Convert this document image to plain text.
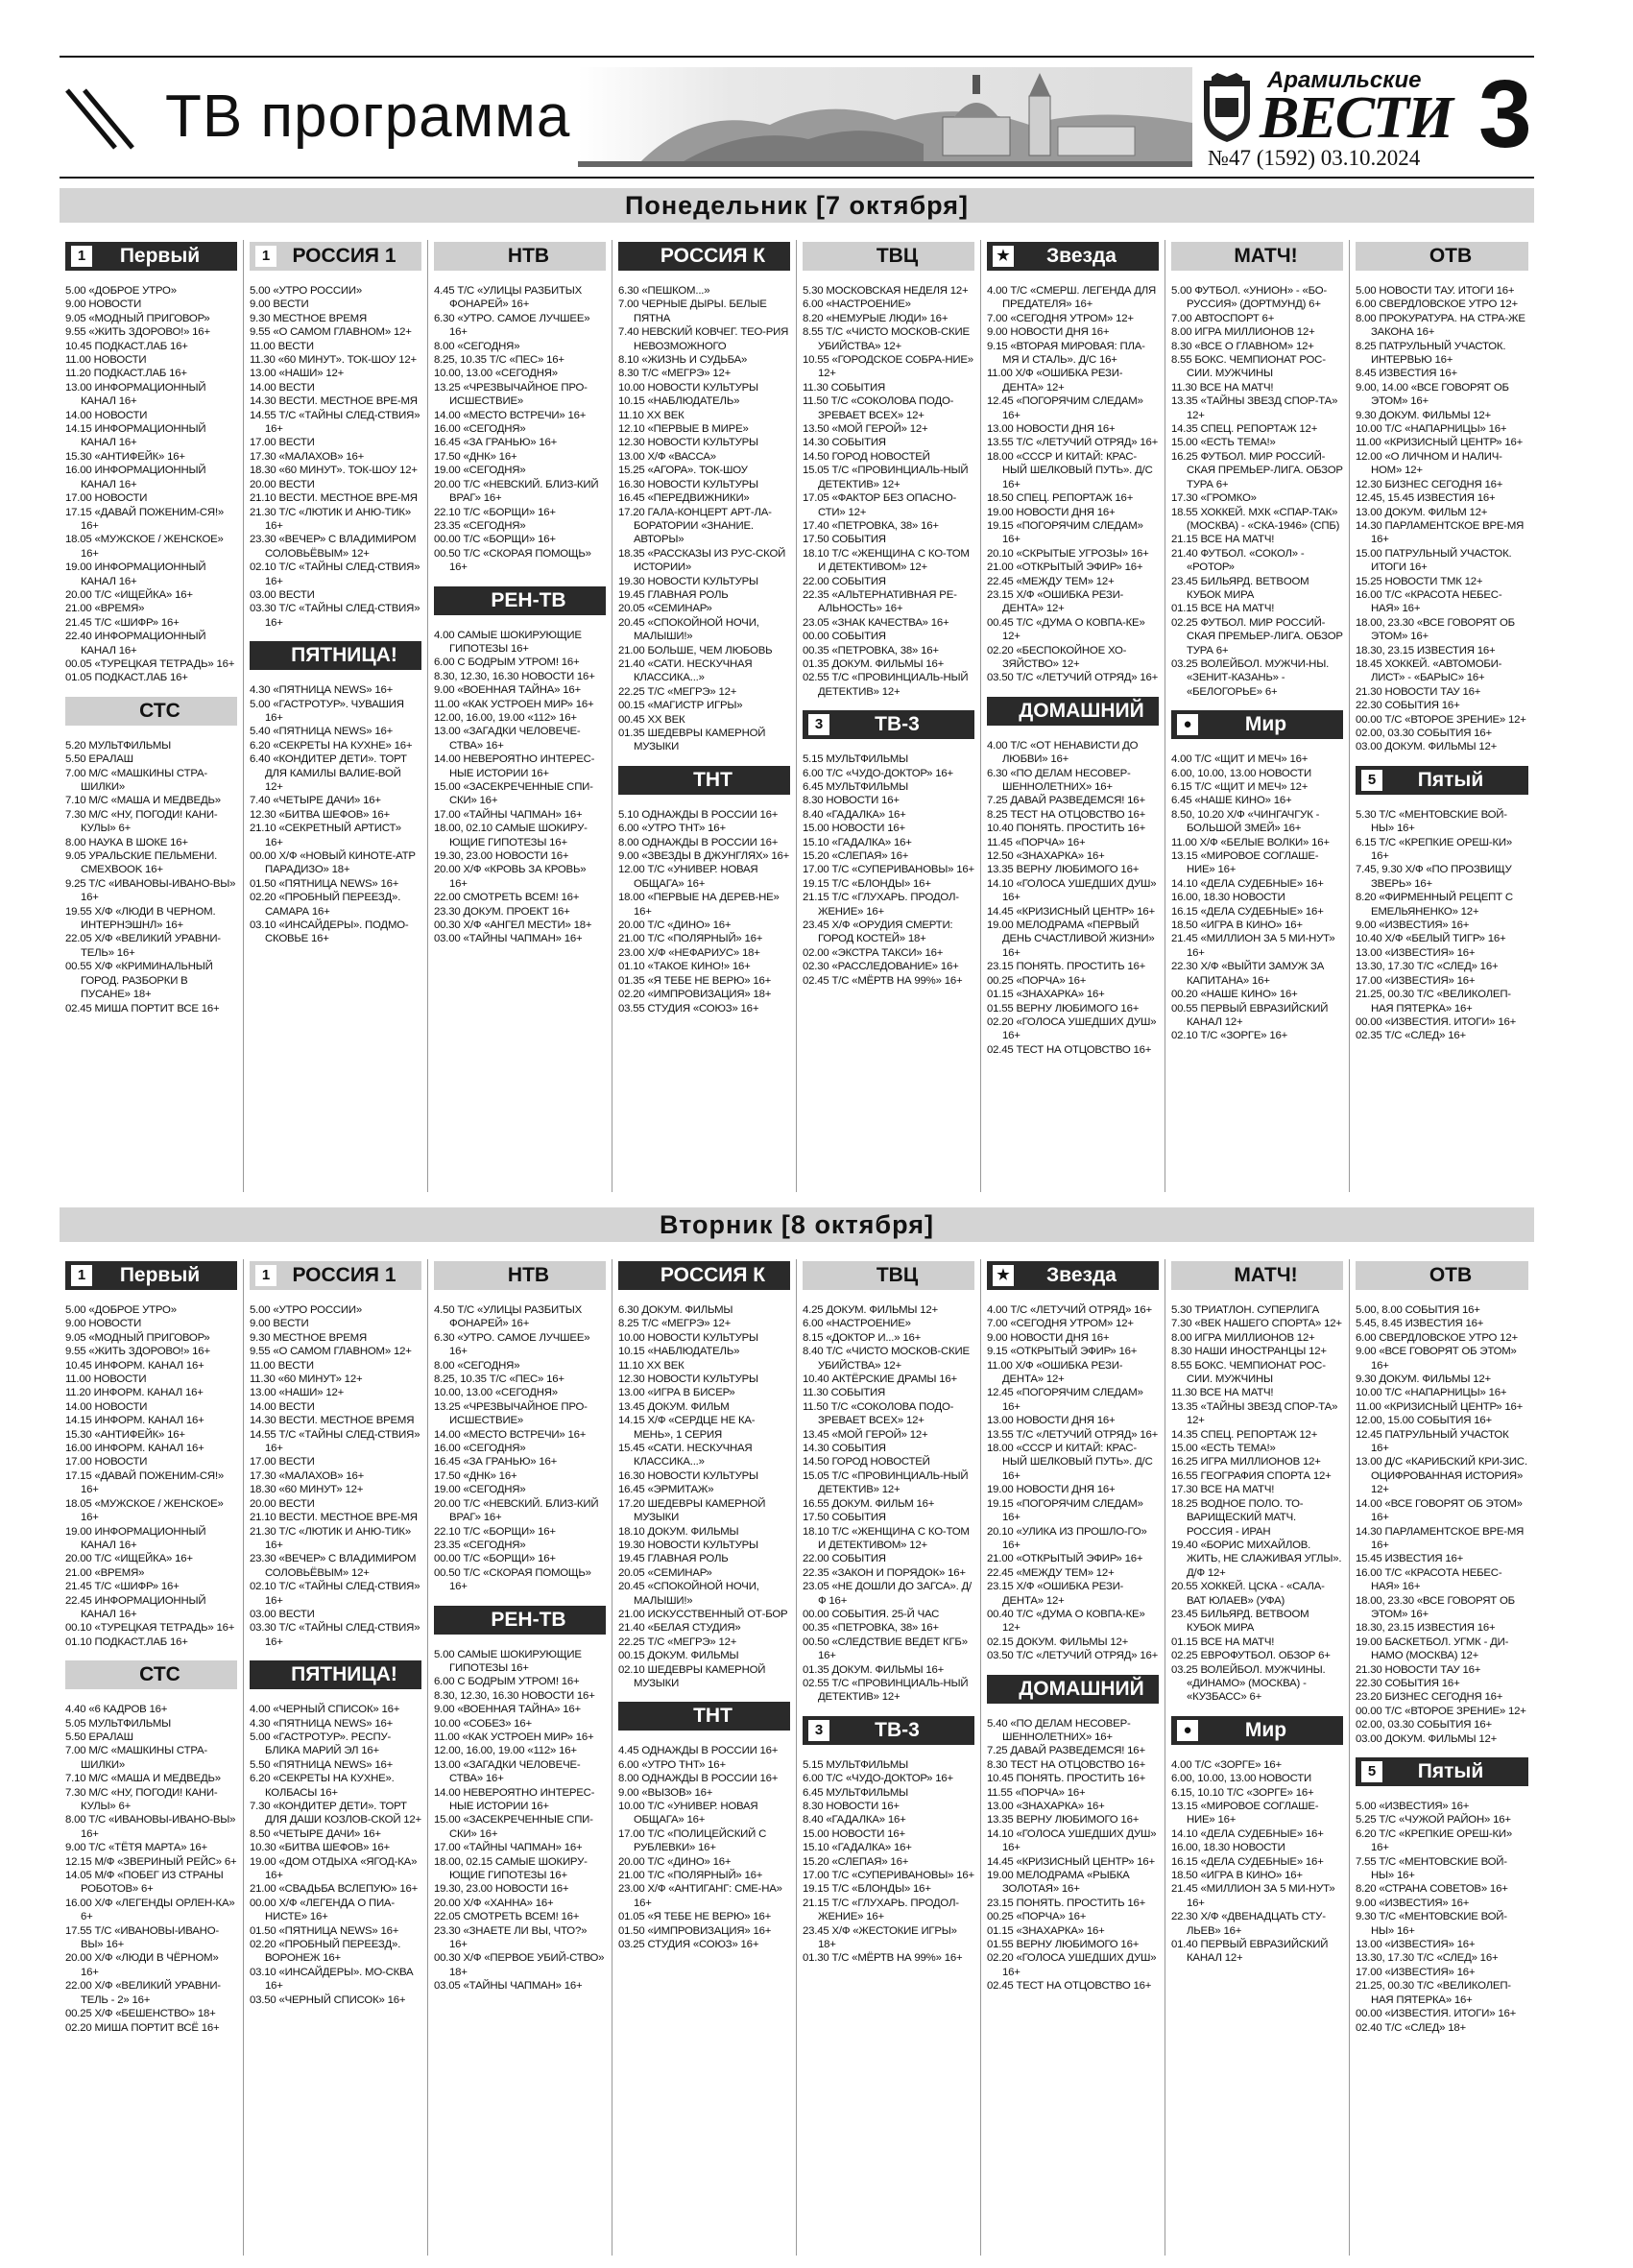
ТВ программа
Арамильские
ВЕСТИ
№47 (1592) 03.10.2024 3
Понедельник [7 октября]
1	Первый
5.00 «ДОБРОЕ УТРО»
9.00 НОВОСТИ
9.05 «МОДНЫЙ ПРИГОВОР»
9.55 «ЖИТЬ ЗДОРОВО!» 16+
10.45 ПОДКАСТ.ЛАБ 16+
11.00 НОВОСТИ
11.20 ПОДКАСТ.ЛАБ 16+
13.00 ИНФОРМАЦИОННЫЙ КАНАЛ 16+
14.00 НОВОСТИ
14.15 ИНФОРМАЦИОННЫЙ КАНАЛ 16+
15.30 «АНТИФЕЙК» 16+
16.00 ИНФОРМАЦИОННЫЙ КАНАЛ 16+
17.00 НОВОСТИ
17.15 «ДАВАЙ ПОЖЕНИМ-СЯ!» 16+
18.05 «МУЖСКОЕ / ЖЕНСКОЕ» 16+
19.00 ИНФОРМАЦИОННЫЙ КАНАЛ 16+
20.00 Т/С «ИЩЕЙКА» 16+
21.00 «ВРЕМЯ»
21.45 Т/С «ШИФР» 16+
22.40 ИНФОРМАЦИОННЫЙ КАНАЛ 16+
00.05 «ТУРЕЦКАЯ ТЕТРАДЬ» 16+
01.05 ПОДКАСТ.ЛАБ 16+
СТС
5.20 МУЛЬТФИЛЬМЫ
5.50 ЕРАЛАШ
7.00 М/С «МАШКИНЫ СТРА-ШИЛКИ»
7.10 М/С «МАША И МЕДВЕДЬ»
7.30 М/С «НУ, ПОГОДИ! КАНИ-КУЛЫ» 6+
8.00 НАУКА В ШОКЕ 16+
9.05 УРАЛЬСКИЕ ПЕЛЬМЕНИ. СМЕХBOOK 16+
9.25 Т/С «ИВАНОВЫ-ИВАНО-ВЫ» 16+
19.55 Х/Ф «ЛЮДИ В ЧЕРНОМ. ИНТЕРНЭШНЛ» 16+
22.05 Х/Ф «ВЕЛИКИЙ УРАВНИ-ТЕЛЬ» 16+
00.55 Х/Ф «КРИМИНАЛЬНЫЙ ГОРОД. РАЗБОРКИ В ПУСАНЕ» 18+
02.45 МИША ПОРТИТ ВСЕ 16+
1	РОССИЯ 1
5.00 «УТРО РОССИИ»
9.00 ВЕСТИ
9.30 МЕСТНОЕ ВРЕМЯ
9.55 «О САМОМ ГЛАВНОМ» 12+
11.00 ВЕСТИ
11.30 «60 МИНУТ». ТОК-ШОУ 12+
13.00 «НАШИ» 12+
14.00 ВЕСТИ
14.30 ВЕСТИ. МЕСТНОЕ ВРЕ-МЯ
14.55 Т/С «ТАЙНЫ СЛЕД-СТВИЯ» 16+
17.00 ВЕСТИ
17.30 «МАЛАХОВ» 16+
18.30 «60 МИНУТ». ТОК-ШОУ 12+
20.00 ВЕСТИ
21.10 ВЕСТИ. МЕСТНОЕ ВРЕ-МЯ
21.30 Т/С «ЛЮТИК И АНЮ-ТИК» 16+
23.30 «ВЕЧЕР» С ВЛАДИМИРОМ СОЛОВЬЁВЫМ» 12+
02.10 Т/С «ТАЙНЫ СЛЕД-СТВИЯ» 16+
03.00 ВЕСТИ
03.30 Т/С «ТАЙНЫ СЛЕД-СТВИЯ» 16+
ПЯТНИЦА!
4.30 «ПЯТНИЦА NEWS» 16+
5.00 «ГАСТРОТУР». ЧУВАШИЯ 16+
5.40 «ПЯТНИЦА NEWS» 16+
6.20 «СЕКРЕТЫ НА КУХНЕ» 16+
6.40 «КОНДИТЕР ДЕТИ». ТОРТ ДЛЯ КАМИЛЫ ВАЛИЕ-ВОЙ 12+
7.40 «ЧЕТЫРЕ ДАЧИ» 16+
12.30 «БИТВА ШЕФОВ» 16+
21.10 «СЕКРЕТНЫЙ АРТИСТ» 16+
00.00 Х/Ф «НОВЫЙ КИНОТЕ-АТР ПАРАДИЗО» 18+
01.50 «ПЯТНИЦА NEWS» 16+
02.20 «ПРОБНЫЙ ПЕРЕЕЗД». САМАРА 16+
03.10 «ИНСАЙДЕРЫ». ПОДМО-СКОВЬЕ 16+
НТВ
4.45 Т/С «УЛИЦЫ РАЗБИТЫХ ФОНАРЕЙ» 16+
6.30 «УТРО. САМОЕ ЛУЧШЕЕ» 16+
8.00 «СЕГОДНЯ»
8.25, 10.35 Т/С «ПЕС» 16+
10.00, 13.00 «СЕГОДНЯ»
13.25 «ЧРЕЗВЫЧАЙНОЕ ПРО-ИСШЕСТВИЕ»
14.00 «МЕСТО ВСТРЕЧИ» 16+
16.00 «СЕГОДНЯ»
16.45 «ЗА ГРАНЬЮ» 16+
17.50 «ДНК» 16+
19.00 «СЕГОДНЯ»
20.00 Т/С «НЕВСКИЙ. БЛИЗ-КИЙ ВРАГ» 16+
22.10 Т/С «БОРЩИ» 16+
23.35 «СЕГОДНЯ»
00.00 Т/С «БОРЩИ» 16+
00.50 Т/С «СКОРАЯ ПОМОЩЬ» 16+
РЕН-ТВ
4.00 САМЫЕ ШОКИРУЮЩИЕ ГИПОТЕЗЫ 16+
6.00 С БОДРЫМ УТРОМ! 16+
8.30, 12.30, 16.30 НОВОСТИ 16+
9.00 «ВОЕННАЯ ТАЙНА» 16+
11.00 «КАК УСТРОЕН МИР» 16+
12.00, 16.00, 19.00 «112» 16+
13.00 «ЗАГАДКИ ЧЕЛОВЕЧЕ-СТВА» 16+
14.00 НЕВЕРОЯТНО ИНТЕРЕС-НЫЕ ИСТОРИИ 16+
15.00 «ЗАСЕКРЕЧЕННЫЕ СПИ-СКИ» 16+
17.00 «ТАЙНЫ ЧАПМАН» 16+
18.00, 02.10 САМЫЕ ШОКИРУ-ЮЩИЕ ГИПОТЕЗЫ 16+
19.30, 23.00 НОВОСТИ 16+
20.00 Х/Ф «КРОВЬ ЗА КРОВЬ» 16+
22.00 СМОТРЕТЬ ВСЕМ! 16+
23.30 ДОКУМ. ПРОЕКТ 16+
00.30 Х/Ф «АНГЕЛ МЕСТИ» 18+
03.00 «ТАЙНЫ ЧАПМАН» 16+
РОССИЯ К
6.30 «ПЕШКОМ...»
7.00 ЧЕРНЫЕ ДЫРЫ. БЕЛЫЕ ПЯТНА
7.40 НЕВСКИЙ КОВЧЕГ. ТЕО-РИЯ НЕВОЗМОЖНОГО
8.10 «ЖИЗНЬ И СУДЬБА»
8.30 Т/С «МЕГРЭ» 12+
10.00 НОВОСТИ КУЛЬТУРЫ
10.15 «НАБЛЮДАТЕЛЬ»
11.10 ХХ ВЕК
12.10 «ПЕРВЫЕ В МИРЕ»
12.30 НОВОСТИ КУЛЬТУРЫ
13.00 Х/Ф «ВАССА»
15.25 «АГОРА». ТОК-ШОУ
16.30 НОВОСТИ КУЛЬТУРЫ
16.45 «ПЕРЕДВИЖНИКИ»
17.20 ГАЛА-КОНЦЕРТ АРТ-ЛА-БОРАТОРИИ «ЗНАНИЕ. АВТОРЫ»
18.35 «РАССКАЗЫ ИЗ РУС-СКОЙ ИСТОРИИ»
19.30 НОВОСТИ КУЛЬТУРЫ
19.45 ГЛАВНАЯ РОЛЬ
20.05 «СЕМИНАР»
20.45 «СПОКОЙНОЙ НОЧИ, МАЛЫШИ!»
21.00 БОЛЬШЕ, ЧЕМ ЛЮБОВЬ
21.40 «САТИ. НЕСКУЧНАЯ КЛАССИКА...»
22.25 Т/С «МЕГРЭ» 12+
00.15 «МАГИСТР ИГРЫ»
00.45 ХХ ВЕК
01.35 ШЕДЕВРЫ КАМЕРНОЙ МУЗЫКИ
ТНТ
5.10 ОДНАЖДЫ В РОССИИ 16+
6.00 «УТРО ТНТ» 16+
8.00 ОДНАЖДЫ В РОССИИ 16+
9.00 «ЗВЕЗДЫ В ДЖУНГЛЯХ» 16+
12.00 Т/С «УНИВЕР. НОВАЯ ОБЩАГА» 16+
18.00 «ПЕРВЫЕ НА ДЕРЕВ-НЕ» 16+
20.00 Т/С «ДИНО» 16+
21.00 Т/С «ПОЛЯРНЫЙ» 16+
23.00 Х/Ф «НЕФАРИУС» 18+
01.10 «ТАКОЕ КИНО!» 16+
01.35 «Я ТЕБЕ НЕ ВЕРЮ» 16+
02.20 «ИМПРОВИЗАЦИЯ» 18+
03.55 СТУДИЯ «СОЮЗ» 16+
ТВЦ
5.30 МОСКОВСКАЯ НЕДЕЛЯ 12+
6.00 «НАСТРОЕНИЕ»
8.20 «НЕМУРЫЕ ЛЮДИ» 16+
8.55 Т/С «ЧИСТО МОСКОВ-СКИЕ УБИЙСТВА» 12+
10.55 «ГОРОДСКОЕ СОБРА-НИЕ» 12+
11.30 СОБЫТИЯ
11.50 Т/С «СОКОЛОВА ПОДО-ЗРЕВАЕТ ВСЕХ» 12+
13.50 «МОЙ ГЕРОЙ» 12+
14.30 СОБЫТИЯ
14.50 ГОРОД НОВОСТЕЙ
15.05 Т/С «ПРОВИНЦИАЛЬ-НЫЙ ДЕТЕКТИВ» 12+
17.05 «ФАКТОР БЕЗ ОПАСНО-СТИ» 12+
17.40 «ПЕТРОВКА, 38» 16+
17.50 СОБЫТИЯ
18.10 Т/С «ЖЕНЩИНА С КО-ТОМ И ДЕТЕКТИВОМ» 12+
22.00 СОБЫТИЯ
22.35 «АЛЬТЕРНАТИВНАЯ РЕ-АЛЬНОСТЬ» 16+
23.05 «ЗНАК КАЧЕСТВА» 16+
00.00 СОБЫТИЯ
00.35 «ПЕТРОВКА, 38» 16+
01.35 ДОКУМ. ФИЛЬМЫ 16+
02.55 Т/С «ПРОВИНЦИАЛЬ-НЫЙ ДЕТЕКТИВ» 12+
3	ТВ-3
5.15 МУЛЬТФИЛЬМЫ
6.00 Т/С «ЧУДО-ДОКТОР» 16+
6.45 МУЛЬТФИЛЬМЫ
8.30 НОВОСТИ 16+
8.40 «ГАДАЛКА» 16+
15.00 НОВОСТИ 16+
15.10 «ГАДАЛКА» 16+
15.20 «СЛЕПАЯ» 16+
17.00 Т/С «СУПЕРИВАНОВЫ» 16+
19.15 Т/С «БЛОНДЫ» 16+
21.15 Т/С «ГЛУХАРЬ. ПРОДОЛ-ЖЕНИЕ» 16+
23.45 Х/Ф «ОРУДИЯ СМЕРТИ: ГОРОД КОСТЕЙ» 18+
02.00 «ЭКСТРА ТАКСИ» 16+
02.30 «РАССЛЕДОВАНИЕ» 16+
02.45 Т/С «МЁРТВ НА 99%» 16+
★	Звезда
4.00 Т/С «СМЕРШ. ЛЕГЕНДА ДЛЯ ПРЕДАТЕЛЯ» 16+
7.00 «СЕГОДНЯ УТРОМ» 12+
9.00 НОВОСТИ ДНЯ 16+
9.15 «ВТОРАЯ МИРОВАЯ: ПЛА-МЯ И СТАЛЬ». Д/С 16+
11.00 Х/Ф «ОШИБКА РЕЗИ-ДЕНТА» 12+
12.45 «ПОГОРЯЧИМ СЛЕДАМ» 16+
13.00 НОВОСТИ ДНЯ 16+
13.55 Т/С «ЛЕТУЧИЙ ОТРЯД» 16+
18.00 «СССР И КИТАЙ: КРАС-НЫЙ ШЕЛКОВЫЙ ПУТЬ». Д/С 16+
18.50 СПЕЦ. РЕПОРТАЖ 16+
19.00 НОВОСТИ ДНЯ 16+
19.15 «ПОГОРЯЧИМ СЛЕДАМ» 16+
20.10 «СКРЫТЫЕ УГРОЗЫ» 16+
21.00 «ОТКРЫТЫЙ ЭФИР» 16+
22.45 «МЕЖДУ ТЕМ» 12+
23.15 Х/Ф «ОШИБКА РЕЗИ-ДЕНТА» 12+
00.45 Т/С «ДУМА О КОВПА-КЕ» 12+
02.20 «БЕСПОКОЙНОЕ ХО-ЗЯЙСТВО» 12+
03.50 Т/С «ЛЕТУЧИЙ ОТРЯД» 16+
ДОМАШНИЙ
4.00 Т/С «ОТ НЕНАВИСТИ ДО ЛЮБВИ» 16+
6.30 «ПО ДЕЛАМ НЕСОВЕР-ШЕННОЛЕТНИХ» 16+
7.25 ДАВАЙ РАЗВЕДЕМСЯ! 16+
8.25 ТЕСТ НА ОТЦОВСТВО 16+
10.40 ПОНЯТЬ. ПРОСТИТЬ 16+
11.45 «ПОРЧА» 16+
12.50 «ЗНАХАРКА» 16+
13.35 ВЕРНУ ЛЮБИМОГО 16+
14.10 «ГОЛОСА УШЕДШИХ ДУШ» 16+
14.45 «КРИЗИСНЫЙ ЦЕНТР» 16+
19.00 МЕЛОДРАМА «ПЕРВЫЙ ДЕНЬ СЧАСТЛИВОЙ ЖИЗНИ» 16+
23.15 ПОНЯТЬ. ПРОСТИТЬ 16+
00.25 «ПОРЧА» 16+
01.15 «ЗНАХАРКА» 16+
01.55 ВЕРНУ ЛЮБИМОГО 16+
02.20 «ГОЛОСА УШЕДШИХ ДУШ» 16+
02.45 ТЕСТ НА ОТЦОВСТВО 16+
МАТЧ!
5.00 ФУТБОЛ. «УНИОН» - «БО-РУССИЯ» (ДОРТМУНД) 6+
7.00 АВТОСПОРТ 6+
8.00 ИГРА МИЛЛИОНОВ 12+
8.30 «ВСЕ О ГЛАВНОМ» 12+
8.55 БОКС. ЧЕМПИОНАТ РОС-СИИ. МУЖЧИНЫ
11.30 ВСЕ НА МАТЧ!
13.35 «ТАЙНЫ ЗВЕЗД СПОР-ТА» 12+
14.35 СПЕЦ. РЕПОРТАЖ 12+
15.00 «ЕСТЬ ТЕМА!»
16.25 ФУТБОЛ. МИР РОССИЙ-СКАЯ ПРЕМЬЕР-ЛИГА. ОБЗОР ТУРА 6+
17.30 «ГРОМКО»
18.55 ХОККЕЙ. МХК «СПАР-ТАК» (МОСКВА) - «СКА-1946» (СПБ)
21.15 ВСЕ НА МАТЧ!
21.40 ФУТБОЛ. «СОКОЛ» - «РОТОР»
23.45 БИЛЬЯРД. BETBOOM КУБОК МИРА
01.15 ВСЕ НА МАТЧ!
02.25 ФУТБОЛ. МИР РОССИЙ-СКАЯ ПРЕМЬЕР-ЛИГА. ОБЗОР ТУРА 6+
03.25 ВОЛЕЙБОЛ. МУЖЧИ-НЫ. «ЗЕНИТ-КАЗАНЬ» - «БЕЛОГОРЬЕ» 6+
●	Мир
4.00 Т/С «ЩИТ И МЕЧ» 16+
6.00, 10.00, 13.00 НОВОСТИ
6.15 Т/С «ЩИТ И МЕЧ» 12+
6.45 «НАШЕ КИНО» 16+
8.50, 10.20 Х/Ф «ЧИНГАЧГУК - БОЛЬШОЙ ЗМЕЙ» 16+
11.00 Х/Ф «БЕЛЫЕ ВОЛКИ» 16+
13.15 «МИРОВОЕ СОГЛАШЕ-НИЕ» 16+
14.10 «ДЕЛА СУДЕБНЫЕ» 16+
16.00, 18.30 НОВОСТИ
16.15 «ДЕЛА СУДЕБНЫЕ» 16+
18.50 «ИГРА В КИНО» 16+
21.45 «МИЛЛИОН ЗА 5 МИ-НУТ» 16+
22.30 Х/Ф «ВЫЙТИ ЗАМУЖ ЗА КАПИТАНА» 16+
00.20 «НАШЕ КИНО» 16+
00.55 ПЕРВЫЙ ЕВРАЗИЙСКИЙ КАНАЛ 12+
02.10 Т/С «ЗОРГЕ» 16+
ОТВ
5.00 НОВОСТИ ТАУ. ИТОГИ 16+
6.00 СВЕРДЛОВСКОЕ УТРО 12+
8.00 ПРОКУРАТУРА. НА СТРА-ЖЕ ЗАКОНА 16+
8.25 ПАТРУЛЬНЫЙ УЧАСТОК. ИНТЕРВЬЮ 16+
8.45 ИЗВЕСТИЯ 16+
9.00, 14.00 «ВСЕ ГОВОРЯТ ОБ ЭТОМ» 16+
9.30 ДОКУМ. ФИЛЬМЫ 12+
10.00 Т/С «НАПАРНИЦЫ» 16+
11.00 «КРИЗИСНЫЙ ЦЕНТР» 16+
12.00 «О ЛИЧНОМ И НАЛИЧ-НОМ» 12+
12.30 БИЗНЕС СЕГОДНЯ 16+
12.45, 15.45 ИЗВЕСТИЯ 16+
13.00 ДОКУМ. ФИЛЬМ 12+
14.30 ПАРЛАМЕНТСКОЕ ВРЕ-МЯ 16+
15.00 ПАТРУЛЬНЫЙ УЧАСТОК. ИТОГИ 16+
15.25 НОВОСТИ ТМК 12+
16.00 Т/С «КРАСОТА НЕБЕС-НАЯ» 16+
18.00, 23.30 «ВСЕ ГОВОРЯТ ОБ ЭТОМ» 16+
18.30, 23.15 ИЗВЕСТИЯ 16+
18.45 ХОККЕЙ. «АВТОМОБИ-ЛИСТ» - «БАРЫС» 16+
21.30 НОВОСТИ ТАУ 16+
22.30 СОБЫТИЯ 16+
00.00 Т/С «ВТОРОЕ ЗРЕНИЕ» 12+
02.00, 03.30 СОБЫТИЯ 16+
03.00 ДОКУМ. ФИЛЬМЫ 12+
5	Пятый
5.30 Т/С «МЕНТОВСКИЕ ВОЙ-НЫ» 16+
6.15 Т/С «КРЕПКИЕ ОРЕШ-КИ» 16+
7.45, 9.30 Х/Ф «ПО ПРОЗВИЩУ ЗВЕРЬ» 16+
8.20 «ФИРМЕННЫЙ РЕЦЕПТ С ЕМЕЛЬЯНЕНКО» 12+
9.00 «ИЗВЕСТИЯ» 16+
10.40 Х/Ф «БЕЛЫЙ ТИГР» 16+
13.00 «ИЗВЕСТИЯ» 16+
13.30, 17.30 Т/С «СЛЕД» 16+
17.00 «ИЗВЕСТИЯ» 16+
21.25, 00.30 Т/С «ВЕЛИКОЛЕП-НАЯ ПЯТЕРКА» 16+
00.00 «ИЗВЕСТИЯ. ИТОГИ» 16+
02.35 Т/С «СЛЕД» 16+
Вторник [8 октября]
1	Первый
5.00 «ДОБРОЕ УТРО»
9.00 НОВОСТИ
9.05 «МОДНЫЙ ПРИГОВОР»
9.55 «ЖИТЬ ЗДОРОВО!» 16+
10.45 ИНФОРМ. КАНАЛ 16+
11.00 НОВОСТИ
11.20 ИНФОРМ. КАНАЛ 16+
14.00 НОВОСТИ
14.15 ИНФОРМ. КАНАЛ 16+
15.30 «АНТИФЕЙК» 16+
16.00 ИНФОРМ. КАНАЛ 16+
17.00 НОВОСТИ
17.15 «ДАВАЙ ПОЖЕНИМ-СЯ!» 16+
18.05 «МУЖСКОЕ / ЖЕНСКОЕ» 16+
19.00 ИНФОРМАЦИОННЫЙ КАНАЛ 16+
20.00 Т/С «ИЩЕЙКА» 16+
21.00 «ВРЕМЯ»
21.45 Т/С «ШИФР» 16+
22.45 ИНФОРМАЦИОННЫЙ КАНАЛ 16+
00.10 «ТУРЕЦКАЯ ТЕТРАДЬ» 16+
01.10 ПОДКАСТ.ЛАБ 16+
СТС
4.40 «6 КАДРОВ 16+
5.05 МУЛЬТФИЛЬМЫ
5.50 ЕРАЛАШ
7.00 М/С «МАШКИНЫ СТРА-ШИЛКИ»
7.10 М/С «МАША И МЕДВЕДЬ»
7.30 М/С «НУ, ПОГОДИ! КАНИ-КУЛЫ» 6+
8.00 Т/С «ИВАНОВЫ-ИВАНО-ВЫ» 16+
9.00 Т/С «ТЁТЯ МАРТА» 16+
12.15 М/Ф «ЗВЕРИНЫЙ РЕЙС» 6+
14.05 М/Ф «ПОБЕГ ИЗ СТРАНЫ РОБОТОВ» 6+
16.00 Х/Ф «ЛЕГЕНДЫ ОРЛЕН-КА» 6+
17.55 Т/С «ИВАНОВЫ-ИВАНО-ВЫ» 16+
20.00 Х/Ф «ЛЮДИ В ЧЁРНОМ» 16+
22.00 Х/Ф «ВЕЛИКИЙ УРАВНИ-ТЕЛЬ - 2» 16+
00.25 Х/Ф «БЕШЕНСТВО» 18+
02.20 МИША ПОРТИТ ВСЁ 16+
1	РОССИЯ 1
5.00 «УТРО РОССИИ»
9.00 ВЕСТИ
9.30 МЕСТНОЕ ВРЕМЯ
9.55 «О САМОМ ГЛАВНОМ» 12+
11.00 ВЕСТИ
11.30 «60 МИНУТ» 12+
13.00 «НАШИ» 12+
14.00 ВЕСТИ
14.30 ВЕСТИ. МЕСТНОЕ ВРЕМЯ
14.55 Т/С «ТАЙНЫ СЛЕД-СТВИЯ» 16+
17.00 ВЕСТИ
17.30 «МАЛАХОВ» 16+
18.30 «60 МИНУТ» 12+
20.00 ВЕСТИ
21.10 ВЕСТИ. МЕСТНОЕ ВРЕ-МЯ
21.30 Т/С «ЛЮТИК И АНЮ-ТИК» 16+
23.30 «ВЕЧЕР» С ВЛАДИМИРОМ СОЛОВЬЁВЫМ» 12+
02.10 Т/С «ТАЙНЫ СЛЕД-СТВИЯ» 16+
03.00 ВЕСТИ
03.30 Т/С «ТАЙНЫ СЛЕД-СТВИЯ» 16+
ПЯТНИЦА!
4.00 «ЧЕРНЫЙ СПИСОК» 16+
4.30 «ПЯТНИЦА NEWS» 16+
5.00 «ГАСТРОТУР». РЕСПУ-БЛИКА МАРИЙ ЭЛ 16+
5.50 «ПЯТНИЦА NEWS» 16+
6.20 «СЕКРЕТЫ НА КУХНЕ». КОЛБАСЫ 16+
7.30 «КОНДИТЕР ДЕТИ». ТОРТ ДЛЯ ДАШИ КОЗЛОВ-СКОЙ 12+
8.50 «ЧЕТЫРЕ ДАЧИ» 16+
10.30 «БИТВА ШЕФОВ» 16+
19.00 «ДОМ ОТДЫХА «ЯГОД-КА» 16+
21.00 «СВАДЬБА ВСЛЕПУЮ» 16+
00.00 Х/Ф «ЛЕГЕНДА О ПИА-НИСТЕ» 16+
01.50 «ПЯТНИЦА NEWS» 16+
02.20 «ПРОБНЫЙ ПЕРЕЕЗД». ВОРОНЕЖ 16+
03.10 «ИНСАЙДЕРЫ». МО-СКВА 16+
03.50 «ЧЕРНЫЙ СПИСОК» 16+
НТВ
4.50 Т/С «УЛИЦЫ РАЗБИТЫХ ФОНАРЕЙ» 16+
6.30 «УТРО. САМОЕ ЛУЧШЕЕ» 16+
8.00 «СЕГОДНЯ»
8.25, 10.35 Т/С «ПЕС» 16+
10.00, 13.00 «СЕГОДНЯ»
13.25 «ЧРЕЗВЫЧАЙНОЕ ПРО-ИСШЕСТВИЕ»
14.00 «МЕСТО ВСТРЕЧИ» 16+
16.00 «СЕГОДНЯ»
16.45 «ЗА ГРАНЬЮ» 16+
17.50 «ДНК» 16+
19.00 «СЕГОДНЯ»
20.00 Т/С «НЕВСКИЙ. БЛИЗ-КИЙ ВРАГ» 16+
22.10 Т/С «БОРЩИ» 16+
23.35 «СЕГОДНЯ»
00.00 Т/С «БОРЩИ» 16+
00.50 Т/С «СКОРАЯ ПОМОЩЬ» 16+
РЕН-ТВ
5.00 САМЫЕ ШОКИРУЮЩИЕ ГИПОТЕЗЫ 16+
6.00 С БОДРЫМ УТРОМ! 16+
8.30, 12.30, 16.30 НОВОСТИ 16+
9.00 «ВОЕННАЯ ТАЙНА» 16+
10.00 «СОБЕЗ» 16+
11.00 «КАК УСТРОЕН МИР» 16+
12.00, 16.00, 19.00 «112» 16+
13.00 «ЗАГАДКИ ЧЕЛОВЕЧЕ-СТВА» 16+
14.00 НЕВЕРОЯТНО ИНТЕРЕС-НЫЕ ИСТОРИИ 16+
15.00 «ЗАСЕКРЕЧЕННЫЕ СПИ-СКИ» 16+
17.00 «ТАЙНЫ ЧАПМАН» 16+
18.00, 02.15 САМЫЕ ШОКИРУ-ЮЩИЕ ГИПОТЕЗЫ 16+
19.30, 23.00 НОВОСТИ 16+
20.00 Х/Ф «ХАННА» 16+
22.05 СМОТРЕТЬ ВСЕМ! 16+
23.30 «ЗНАЕТЕ ЛИ ВЫ, ЧТО?» 16+
00.30 Х/Ф «ПЕРВОЕ УБИЙ-СТВО» 18+
03.05 «ТАЙНЫ ЧАПМАН» 16+
РОССИЯ К
6.30 ДОКУМ. ФИЛЬМЫ
8.25 Т/С «МЕГРЭ» 12+
10.00 НОВОСТИ КУЛЬТУРЫ
10.15 «НАБЛЮДАТЕЛЬ»
11.10 ХХ ВЕК
12.30 НОВОСТИ КУЛЬТУРЫ
13.00 «ИГРА В БИСЕР»
13.45 ДОКУМ. ФИЛЬМ
14.15 Х/Ф «СЕРДЦЕ НЕ КА-МЕНЬ», 1 СЕРИЯ
15.45 «САТИ. НЕСКУЧНАЯ КЛАССИКА...»
16.30 НОВОСТИ КУЛЬТУРЫ
16.45 «ЭРМИТАЖ»
17.20 ШЕДЕВРЫ КАМЕРНОЙ МУЗЫКИ
18.10 ДОКУМ. ФИЛЬМЫ
19.30 НОВОСТИ КУЛЬТУРЫ
19.45 ГЛАВНАЯ РОЛЬ
20.05 «СЕМИНАР»
20.45 «СПОКОЙНОЙ НОЧИ, МАЛЫШИ!»
21.00 ИСКУССТВЕННЫЙ ОТ-БОР
21.40 «БЕЛАЯ СТУДИЯ»
22.25 Т/С «МЕГРЭ» 12+
00.15 ДОКУМ. ФИЛЬМЫ
02.10 ШЕДЕВРЫ КАМЕРНОЙ МУЗЫКИ
ТНТ
4.45 ОДНАЖДЫ В РОССИИ 16+
6.00 «УТРО ТНТ» 16+
8.00 ОДНАЖДЫ В РОССИИ 16+
9.00 «ВЫЗОВ» 16+
10.00 Т/С «УНИВЕР. НОВАЯ ОБЩАГА» 16+
17.00 Т/С «ПОЛИЦЕЙСКИЙ С РУБЛЕВКИ» 16+
20.00 Т/С «ДИНО» 16+
21.00 Т/С «ПОЛЯРНЫЙ» 16+
23.00 Х/Ф «АНТИГАНГ: СМЕ-НА» 16+
01.05 «Я ТЕБЕ НЕ ВЕРЮ» 16+
01.50 «ИМПРОВИЗАЦИЯ» 16+
03.25 СТУДИЯ «СОЮЗ» 16+
ТВЦ
4.25 ДОКУМ. ФИЛЬМЫ 12+
6.00 «НАСТРОЕНИЕ»
8.15 «ДОКТОР И...» 16+
8.40 Т/С «ЧИСТО МОСКОВ-СКИЕ УБИЙСТВА» 12+
10.40 АКТЁРСКИЕ ДРАМЫ 16+
11.30 СОБЫТИЯ
11.50 Т/С «СОКОЛОВА ПОДО-ЗРЕВАЕТ ВСЕХ» 12+
13.45 «МОЙ ГЕРОЙ» 12+
14.30 СОБЫТИЯ
14.50 ГОРОД НОВОСТЕЙ
15.05 Т/С «ПРОВИНЦИАЛЬ-НЫЙ ДЕТЕКТИВ» 12+
16.55 ДОКУМ. ФИЛЬМ 16+
17.50 СОБЫТИЯ
18.10 Т/С «ЖЕНЩИНА С КО-ТОМ И ДЕТЕКТИВОМ» 12+
22.00 СОБЫТИЯ
22.35 «ЗАКОН И ПОРЯДОК» 16+
23.05 «НЕ ДОШЛИ ДО ЗАГСА». Д/Ф 16+
00.00 СОБЫТИЯ. 25-Й ЧАС
00.35 «ПЕТРОВКА, 38» 16+
00.50 «СЛЕДСТВИЕ ВЕДЕТ КГБ» 16+
01.35 ДОКУМ. ФИЛЬМЫ 16+
02.55 Т/С «ПРОВИНЦИАЛЬ-НЫЙ ДЕТЕКТИВ» 12+
3	ТВ-3
5.15 МУЛЬТФИЛЬМЫ
6.00 Т/С «ЧУДО-ДОКТОР» 16+
6.45 МУЛЬТФИЛЬМЫ
8.30 НОВОСТИ 16+
8.40 «ГАДАЛКА» 16+
15.00 НОВОСТИ 16+
15.10 «ГАДАЛКА» 16+
15.20 «СЛЕПАЯ» 16+
17.00 Т/С «СУПЕРИВАНОВЫ» 16+
19.15 Т/С «БЛОНДЫ» 16+
21.15 Т/С «ГЛУХАРЬ. ПРОДОЛ-ЖЕНИЕ» 16+
23.45 Х/Ф «ЖЕСТОКИЕ ИГРЫ» 18+
01.30 Т/С «МЁРТВ НА 99%» 16+
★	Звезда
4.00 Т/С «ЛЕТУЧИЙ ОТРЯД» 16+
7.00 «СЕГОДНЯ УТРОМ» 12+
9.00 НОВОСТИ ДНЯ 16+
9.15 «ОТКРЫТЫЙ ЭФИР» 16+
11.00 Х/Ф «ОШИБКА РЕЗИ-ДЕНТА» 12+
12.45 «ПОГОРЯЧИМ СЛЕДАМ» 16+
13.00 НОВОСТИ ДНЯ 16+
13.55 Т/С «ЛЕТУЧИЙ ОТРЯД» 16+
18.00 «СССР И КИТАЙ: КРАС-НЫЙ ШЕЛКОВЫЙ ПУТЬ». Д/С 16+
19.00 НОВОСТИ ДНЯ 16+
19.15 «ПОГОРЯЧИМ СЛЕДАМ» 16+
20.10 «УЛИКА ИЗ ПРОШЛО-ГО» 16+
21.00 «ОТКРЫТЫЙ ЭФИР» 16+
22.45 «МЕЖДУ ТЕМ» 12+
23.15 Х/Ф «ОШИБКА РЕЗИ-ДЕНТА» 12+
00.40 Т/С «ДУМА О КОВПА-КЕ» 12+
02.15 ДОКУМ. ФИЛЬМЫ 12+
03.50 Т/С «ЛЕТУЧИЙ ОТРЯД» 16+
ДОМАШНИЙ
5.40 «ПО ДЕЛАМ НЕСОВЕР-ШЕННОЛЕТНИХ» 16+
7.25 ДАВАЙ РАЗВЕДЕМСЯ! 16+
8.30 ТЕСТ НА ОТЦОВСТВО 16+
10.45 ПОНЯТЬ. ПРОСТИТЬ 16+
11.55 «ПОРЧА» 16+
13.00 «ЗНАХАРКА» 16+
13.35 ВЕРНУ ЛЮБИМОГО 16+
14.10 «ГОЛОСА УШЕДШИХ ДУШ» 16+
14.45 «КРИЗИСНЫЙ ЦЕНТР» 16+
19.00 МЕЛОДРАМА «РЫБКА ЗОЛОТАЯ» 16+
23.15 ПОНЯТЬ. ПРОСТИТЬ 16+
00.25 «ПОРЧА» 16+
01.15 «ЗНАХАРКА» 16+
01.55 ВЕРНУ ЛЮБИМОГО 16+
02.20 «ГОЛОСА УШЕДШИХ ДУШ» 16+
02.45 ТЕСТ НА ОТЦОВСТВО 16+
МАТЧ!
5.30 ТРИАТЛОН. СУПЕРЛИГА
7.30 «ВЕК НАШЕГО СПОРТА» 12+
8.00 ИГРА МИЛЛИОНОВ 12+
8.30 НАШИ ИНОСТРАНЦЫ 12+
8.55 БОКС. ЧЕМПИОНАТ РОС-СИИ. МУЖЧИНЫ
11.30 ВСЕ НА МАТЧ!
13.35 «ТАЙНЫ ЗВЕЗД СПОР-ТА» 12+
14.35 СПЕЦ. РЕПОРТАЖ 12+
15.00 «ЕСТЬ ТЕМА!»
16.25 ИГРА МИЛЛИОНОВ 12+
16.55 ГЕОГРАФИЯ СПОРТА 12+
17.30 ВСЕ НА МАТЧ!
18.25 ВОДНОЕ ПОЛО. ТО-ВАРИЩЕСКИЙ МАТЧ. РОССИЯ - ИРАН
19.40 «БОРИС МИХАЙЛОВ. ЖИТЬ, НЕ СЛАЖИВАЯ УГЛЫ». Д/Ф 12+
20.55 ХОККЕЙ. ЦСКА - «САЛА-ВАТ ЮЛАЕВ» (УФА)
23.45 БИЛЬЯРД. BETBOOM КУБОК МИРА
01.15 ВСЕ НА МАТЧ!
02.25 ЕВРОФУТБОЛ. ОБЗОР 6+
03.25 ВОЛЕЙБОЛ. МУЖЧИНЫ. «ДИНАМО» (МОСКВА) - «КУЗБАСС» 6+
●	Мир
4.00 Т/С «ЗОРГЕ» 16+
6.00, 10.00, 13.00 НОВОСТИ
6.15, 10.10 Т/С «ЗОРГЕ» 16+
13.15 «МИРОВОЕ СОГЛАШЕ-НИЕ» 16+
14.10 «ДЕЛА СУДЕБНЫЕ» 16+
16.00, 18.30 НОВОСТИ
16.15 «ДЕЛА СУДЕБНЫЕ» 16+
18.50 «ИГРА В КИНО» 16+
21.45 «МИЛЛИОН ЗА 5 МИ-НУТ» 16+
22.30 Х/Ф «ДВЕНАДЦАТЬ СТУ-ЛЬЕВ» 16+
01.40 ПЕРВЫЙ ЕВРАЗИЙСКИЙ КАНАЛ 12+
ОТВ
5.00, 8.00 СОБЫТИЯ 16+
5.45, 8.45 ИЗВЕСТИЯ 16+
6.00 СВЕРДЛОВСКОЕ УТРО 12+
9.00 «ВСЕ ГОВОРЯТ ОБ ЭТОМ» 16+
9.30 ДОКУМ. ФИЛЬМЫ 12+
10.00 Т/С «НАПАРНИЦЫ» 16+
11.00 «КРИЗИСНЫЙ ЦЕНТР» 16+
12.00, 15.00 СОБЫТИЯ 16+
12.45 ПАТРУЛЬНЫЙ УЧАСТОК 16+
13.00 Д/С «КАРИБСКИЙ КРИ-ЗИС. ОЦИФРОВАННАЯ ИСТОРИЯ» 12+
14.00 «ВСЕ ГОВОРЯТ ОБ ЭТОМ» 16+
14.30 ПАРЛАМЕНТСКОЕ ВРЕ-МЯ 16+
15.45 ИЗВЕСТИЯ 16+
16.00 Т/С «КРАСОТА НЕБЕС-НАЯ» 16+
18.00, 23.30 «ВСЕ ГОВОРЯТ ОБ ЭТОМ» 16+
18.30, 23.15 ИЗВЕСТИЯ 16+
19.00 БАСКЕТБОЛ. УГМК - ДИ-НАМО (МОСКВА) 12+
21.30 НОВОСТИ ТАУ 16+
22.30 СОБЫТИЯ 16+
23.20 БИЗНЕС СЕГОДНЯ 16+
00.00 Т/С «ВТОРОЕ ЗРЕНИЕ» 12+
02.00, 03.30 СОБЫТИЯ 16+
03.00 ДОКУМ. ФИЛЬМЫ 12+
5	Пятый
5.00 «ИЗВЕСТИЯ» 16+
5.25 Т/С «ЧУЖОЙ РАЙОН» 16+
6.20 Т/С «КРЕПКИЕ ОРЕШ-КИ» 16+
7.55 Т/С «МЕНТОВСКИЕ ВОЙ-НЫ» 16+
8.20 «СТРАНА СОВЕТОВ» 16+
9.00 «ИЗВЕСТИЯ» 16+
9.30 Т/С «МЕНТОВСКИЕ ВОЙ-НЫ» 16+
13.00 «ИЗВЕСТИЯ» 16+
13.30, 17.30 Т/С «СЛЕД» 16+
17.00 «ИЗВЕСТИЯ» 16+
21.25, 00.30 Т/С «ВЕЛИКОЛЕП-НАЯ ПЯТЕРКА» 16+
00.00 «ИЗВЕСТИЯ. ИТОГИ» 16+
02.40 Т/С «СЛЕД» 18+
